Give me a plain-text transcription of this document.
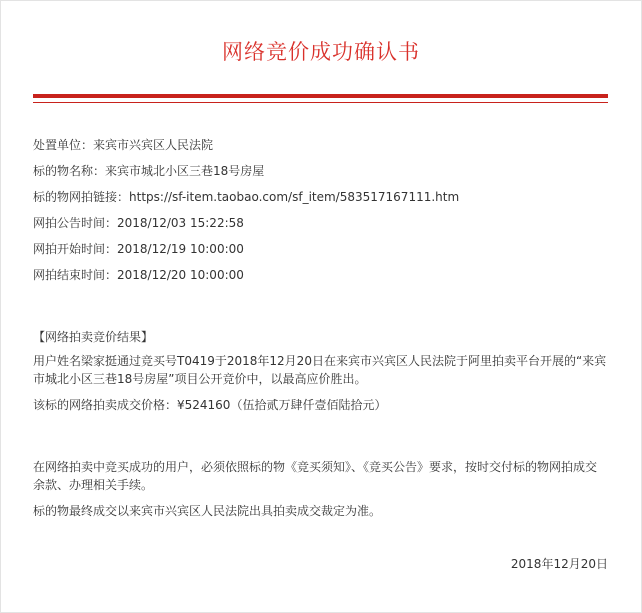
网络竞价成功确认书
处置单位：来宾市兴宾区人民法院
标的物名称：来宾市城北小区三巷18号房屋
标的物网拍链接：https://sf-item.taobao.com/sf_item/583517167111.htm
网拍公告时间：2018/12/03 15:22:58
网拍开始时间：2018/12/19 10:00:00
网拍结束时间：2018/12/20 10:00:00
【网络拍卖竞价结果】
用户姓名梁家挺通过竞买号T0419于2018年12月20日在来宾市兴宾区人民法院于阿里拍卖平台开展的“来宾市城北小区三巷18号房屋”项目公开竞价中，以最高应价胜出。
该标的网络拍卖成交价格：¥524160（伍拾贰万肆仟壹佰陆拾元）
在网络拍卖中竞买成功的用户，必须依照标的物《竞买须知》、《竞买公告》要求，按时交付标的物网拍成交余款、办理相关手续。
标的物最终成交以来宾市兴宾区人民法院出具拍卖成交裁定为准。
2018年12月20日
